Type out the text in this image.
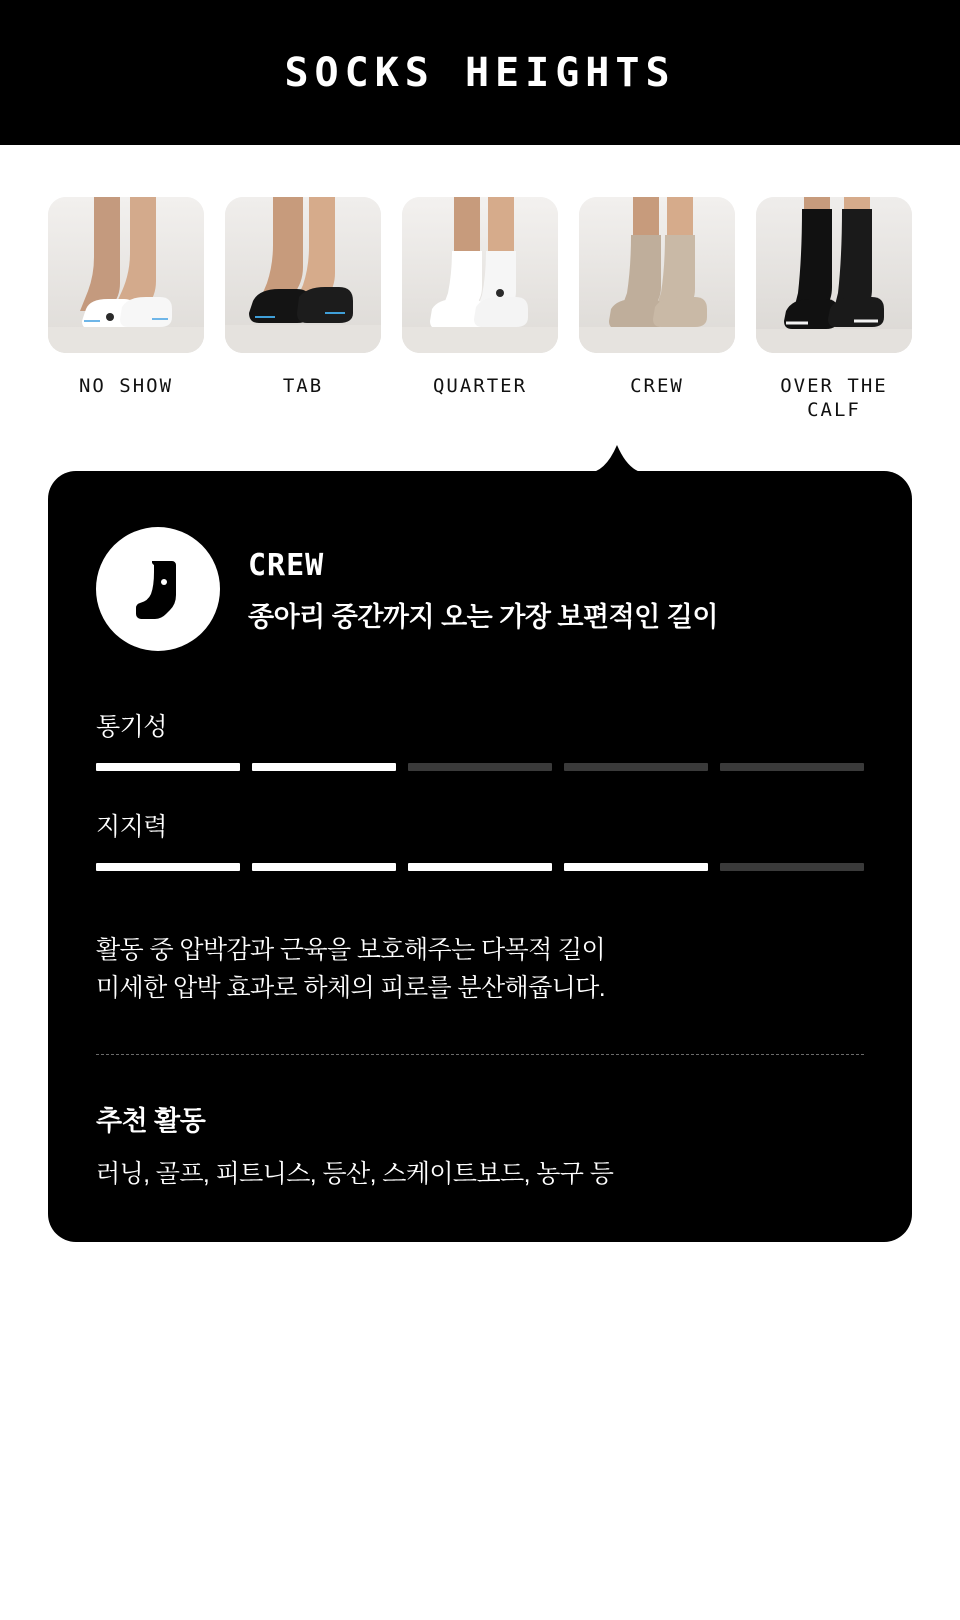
SOCKS HEIGHTS
NO SHOW	TAB	QUARTER	CREW	OVER THE CALF
CREW
종아리 중간까지 오는 가장 보편적인 길이
통기성
지지력

활동 중 압박감과 근육을 보호해주는 다목적 길이

미세한 압박 효과로 하체의 피로를 분산해줍니다.

추천 활동
러닝, 골프, 피트니스, 등산, 스케이트보드, 농구 등
